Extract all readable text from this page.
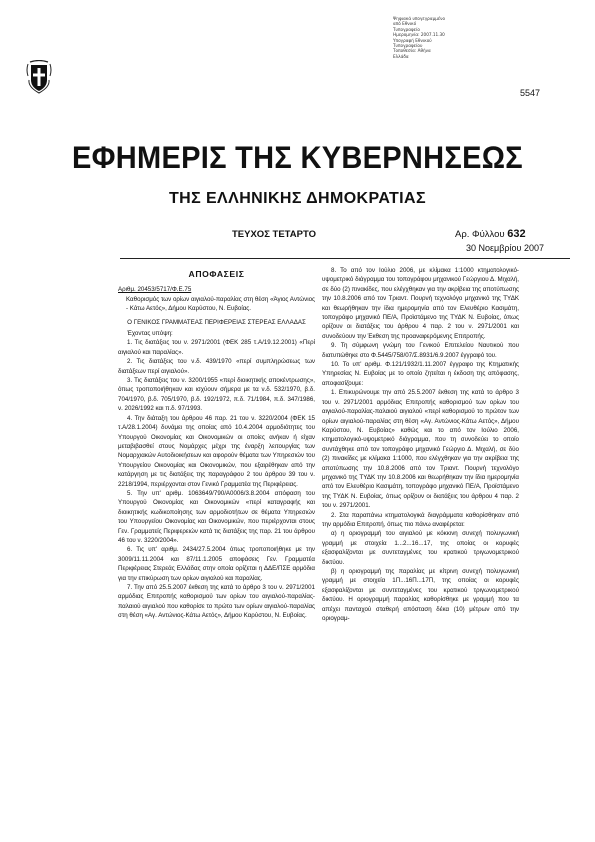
Ψηφιακά υπογεγραμμένο
από Εθνικό
Τυπογραφείο
Ημερομηνία: 2007.11.30
Υπογραφή Εθνικού
Τυπογραφείου
Τοποθεσία: Αθήνα
Ελλάδα
5547
ΕΦΗΜΕΡΙΣ ΤΗΣ ΚΥΒΕΡΝΗΣΕΩΣ
ΤΗΣ ΕΛΛΗΝΙΚΗΣ ΔΗΜΟΚΡΑΤΙΑΣ
ΤΕΥΧΟΣ ΤΕΤΑΡΤΟ	Αρ. Φύλλου 632
30 Νοεμβρίου 2007

ΑΠΟΦΑΣΕΙΣ

Αριθμ. 20453/5717/Φ.Ε.75

Καθορισμός των ορίων αιγιαλού-παραλίας στη θέση «Άγιος Αντώνιος - Κάτω Αετός», Δήμου Καρύστου, Ν. Ευβοίας.

Ο ΓΕΝΙΚΟΣ ΓΡΑΜΜΑΤΕΑΣ ΠΕΡΙΦΕΡΕΙΑΣ ΣΤΕΡΕΑΣ ΕΛΛΑΔΑΣ

Έχοντας υπόψη:

1. Τις διατάξεις του ν. 2971/2001 (ΦΕΚ 285 τ.Α/19.12.2001) «Περί αιγιαλού και παραλίας».

2. Τις διατάξεις του ν.δ. 439/1970 «περί συμπληρώσεως των διατάξεων περί αιγιαλού».

3. Τις διατάξεις του ν. 3200/1955 «περί διοικητικής αποκέντρωσης», όπως τροποποιήθηκαν και ισχύουν σήμερα με τα ν.δ. 532/1970, β.δ. 704/1970, β.δ. 705/1970, β.δ. 192/1972, π.δ. 71/1984, π.δ. 347/1986, ν. 2026/1992 και π.δ. 97/1993.

4. Την διάταξη του άρθρου 46 παρ. 21 του ν. 3220/2004 (ΦΕΚ 15 τ.Α/28.1.2004) δυνάμει της οποίας από 10.4.2004 αρμοδιότητες του Υπουργού Οικονομίας και Οικονομικών οι οποίες ανήκαν ή είχαν μεταβιβασθεί στους Νομάρχες μέχρι της έναρξη λειτουργίας των Νομαρχιακών Αυτοδιοικήσεων και αφορούν θέματα των Υπηρεσιών του Υπουργείου Οικονομίας και Οικονομικών, που εξαιρέθηκαν από την κατάργηση με τις διατάξεις της παραγράφου 2 του άρθρου 39 του ν. 2218/1994, περιέρχονται στον Γενικό Γραμματέα της Περιφέρειας.

5. Την υπ' αριθμ. 1063649/790/Α0006/3.8.2004 απόφαση του Υπουργού Οικονομίας και Οικονομικών «περί καταγραφής και διοικητικής κωδικοποίησης των αρμοδιοτήτων σε θέματα Υπηρεσιών του Υπουργείου Οικονομίας και Οικονομικών, που περιέρχονται στους Γεν. Γραμματείς Περιφερειών κατά τις διατάξεις της παρ. 21 του άρθρου 46 του ν. 3220/2004».

6. Τις υπ' αριθμ. 2434/27.5.2004 όπως τροποποιήθηκε με την 3009/11.11.2004 και 87/11.1.2005 αποφάσεις Γεν. Γραμματέα Περιφέρειας Στερεάς Ελλάδας στην οποία ορίζεται η ΔΔΕ/ΠΣΕ αρμόδια για την επικύρωση των ορίων αιγιαλού και παραλίας.

7. Την από 25.5.2007 έκθεση της κατά το άρθρο 3 του ν. 2971/2001 αρμόδιας Επιτροπής καθορισμού των ορίων του αιγιαλού-παραλίας-παλαιού αιγιαλού που καθορίσε το πρώτο των ορίων αιγιαλού-παραλίας στη θέση «Αγ. Αντώνιος-Κάτω Αετός», Δήμου Καρύστου, Ν. Ευβοίας.

8. Το από τον Ιούλιο 2006, με κλίμακα 1:1000 κτηματολογικό-υψομετρικό διάγραμμα του τοπογράφου μηχανικού Γεώργιου Δ. Μιχαλή, σε δύο (2) πινακίδες, που ελέγχθηκαν για την ακρίβεια της αποτύπωσης την 10.8.2006 από τον Τριαντ. Πουρνή τεχνολόγο μηχανικό της ΤΥΔΚ και θεωρήθηκαν την ίδια ημερομηνία από τον Ελευθέριο Κασιμάτη, τοπογράφο μηχανικό ΠΕ/Α, Προϊστάμενο της ΤΥΔΚ Ν. Ευβοίας, όπως ορίζουν οι διατάξεις του άρθρου 4 παρ. 2 του ν. 2971/2001 και συνοδεύουν την Έκθεση της προαναφερόμενης Επιτροπής.

9. Τη σύμφωνη γνώμη του Γενικού Επιτελείου Ναυτικού που διατυπώθηκε στο Φ.5445/758/07/Σ.8931/6.9.2007 έγγραφό του.

10. Το υπ' αριθμ. Φ.121/1932/1.11.2007 έγγραφο της Κτηματικής Υπηρεσίας Ν. Ευβοίας με το οποίο ζητείται η έκδοση της απόφασης, αποφασίζουμε:

1. Επικυρώνουμε την από 25.5.2007 έκθεση της κατά το άρθρο 3 του ν. 2971/2001 αρμόδιας Επιτροπής καθορισμού των ορίων του αιγιαλού-παραλίας-παλαιού αιγιαλού «περί καθορισμού το πρώτον των ορίων αιγιαλού-παραλίας στη θέση «Αγ. Αντώνιος-Κάτω Αετός», Δήμου Καρύστου, Ν. Ευβοίας» καθώς και το από τον Ιούλιο 2006, κτηματολογικό-υψομετρικό διάγραμμα, που τη συνοδεύει το οποίο συντάχθηκε από τον τοπογράφο μηχανικό Γεώργιο Δ. Μιχαλή, σε δύο (2) πινακίδες με κλίμακα 1:1000, που ελέγχθηκαν για την ακρίβεια της αποτύπωσης την 10.8.2006 από τον Τριαντ. Πουρνή τεχνολόγο μηχανικό της ΤΥΔΚ την 10.8.2006 και θεωρήθηκαν την ίδια ημερομηνία από τον Ελευθέριο Κασιμάτη, τοπογράφο μηχανικό ΠΕ/Α, Προϊστάμενο της ΤΥΔΚ Ν. Ευβοίας, όπως ορίζουν οι διατάξεις του άρθρου 4 παρ. 2 του ν. 2971/2001.

2. Στα παραπάνω κτηματολογικά διαγράμματα καθορίσθηκαν από την αρμόδια Επιτροπή, όπως πιο πάνω αναφέρεται:

α) η οριογραμμή του αιγιαλού με κόκκινη συνεχή πολυγωνική γραμμή με στοιχεία 1...2...16...17, της οποίας οι κορυφές εξασφαλίζονται με συντεταγμένες του κρατικού τριγωνομετρικού δικτύου.

β) η οριογραμμή της παραλίας με κίτρινη συνεχή πολυγωνική γραμμή με στοιχεία 1Π...16Π...17Π, της οποίας οι κορυφές εξασφαλίζονται με συντεταγμένες του κρατικού τριγωνομετρικού δικτύου. Η οριογραμμή παραλίας καθορίσθηκε με γραμμή που τα απέχει πανταχού σταθερή απόσταση δέκα (10) μέτρων από την οριογραμ-
